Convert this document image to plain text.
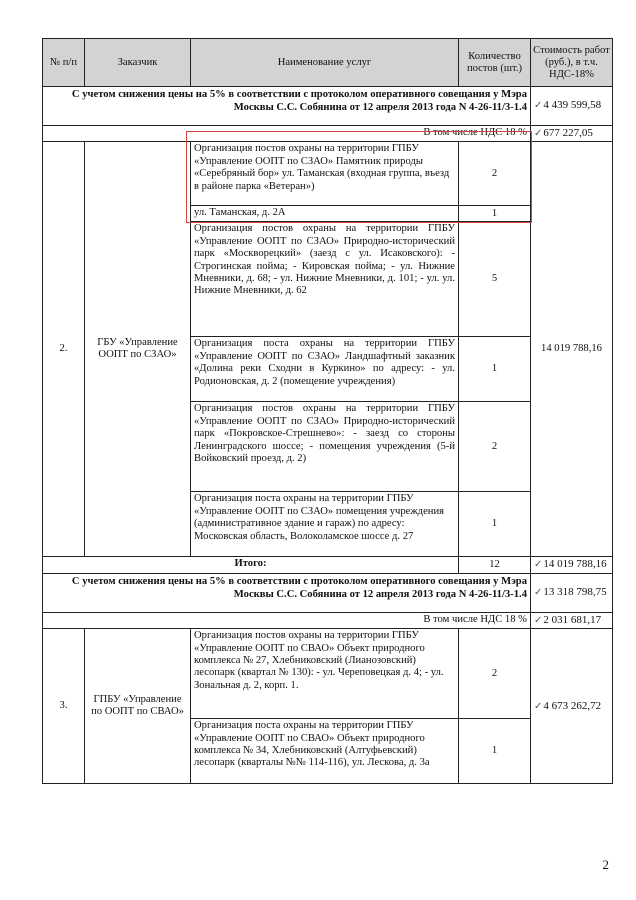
№ п/п	Заказчик	Наименование услуг	Количество постов (шт.)	Стоимость работ (руб.), в т.ч. НДС-18%
С учетом снижения цены на 5% в соответствии с протоколом оперативного совещания у Мэра Москвы С.С. Собянина от 12 апреля 2013 года N 4-26-11/3-1.4				✓4 439 599,58
В том числе НДС 18 %				✓677 227,05
2.	ГБУ «Управление ООПТ по СЗАО»	Организация постов охраны на территории ГПБУ «Управление ООПТ по СЗАО» Памятник природы «Серебряный бор» ул. Таманская (входная группа, въезд в районе парка «Ветеран»)	2	14 019 788,16
		ул. Таманская, д. 2А	1	
		Организация постов охраны на территории ГПБУ «Управление ООПТ по СЗАО» Природно-исторический парк «Москворецкий» (заезд с ул. Исаковского): - Строгинская пойма; - Кировская пойма; - ул. Нижние Мневники, д. 68; - ул. Нижние Мневники, д. 101; - ул. ул. Нижние Мневники, д. 62	5	
		Организация поста охраны на территории ГПБУ «Управление ООПТ по СЗАО» Ландшафтный заказник «Долина реки Сходни в Куркино» по адресу: - ул. Родионовская, д. 2 (помещение учреждения)	1	
		Организация постов охраны на территории ГПБУ «Управление ООПТ по СЗАО» Природно-исторический парк «Покровское-Стрешнево»: - заезд со стороны Ленинградского шоссе; - помещения учреждения (5-й Войковский проезд, д. 2)	2	
		Организация поста охраны на территории ГПБУ «Управление ООПТ по СЗАО» помещения учреждения (административное здание и гараж) по адресу: Московская область, Волоколамское шоссе д. 27	1	
Итого:			12	✓14 019 788,16
С учетом снижения цены на 5% в соответствии с протоколом оперативного совещания у Мэра Москвы С.С. Собянина от 12 апреля 2013 года N 4-26-11/3-1.4				✓13 318 798,75
В том числе НДС 18 %				✓2 031 681,17
3.	ГПБУ «Управление по ООПТ по СВАО»	Организация постов охраны на территории ГПБУ «Управление ООПТ по СВАО» Объект природного комплекса № 27, Хлебниковский (Лианозовский) лесопарк (квартал № 130): - ул. Череповецкая д. 4; - ул. Зональная д. 2, корп. 1.	2	✓4 673 262,72
		Организация поста охраны на территории ГПБУ «Управление ООПТ по СВАО» Объект природного комплекса № 34, Хлебниковский (Алтуфьевский) лесопарк (кварталы №№ 114-116), ул. Лескова, д. 3а	1	
2
